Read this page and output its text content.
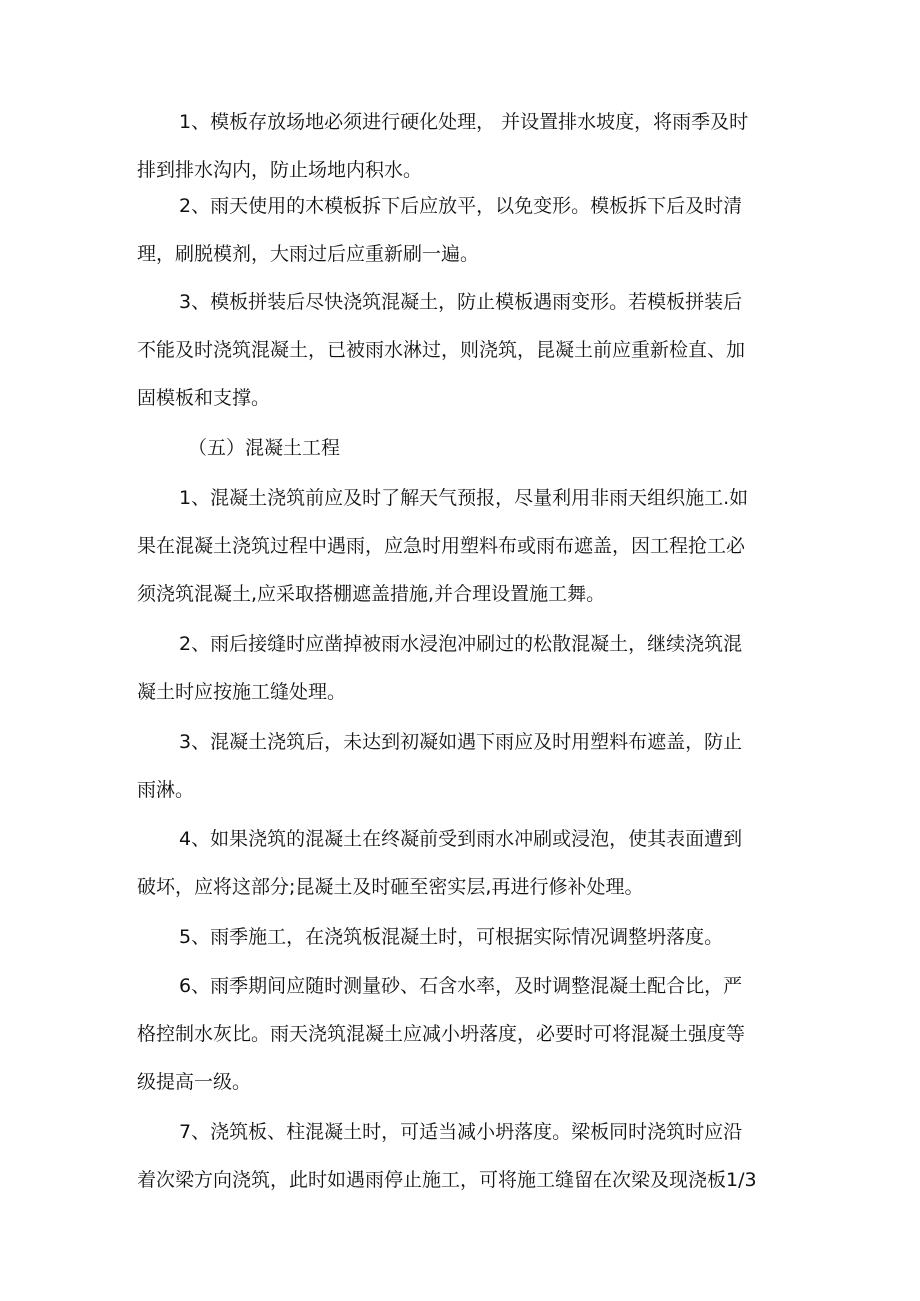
1、模板存放场地必须进行硬化处理， 并设置排水坡度，将雨季及时
排到排水沟内，防止场地内积水。
2、雨天使用的木模板拆下后应放平，以免变形。模板拆下后及时清
理，刷脱模剂，大雨过后应重新刷一遍。
3、模板拼装后尽快浇筑混凝土，防止模板遇雨变形。若模板拼装后
不能及时浇筑混凝土，已被雨水淋过，则浇筑，昆凝土前应重新检直、加
固模板和支撑。
（五）混凝土工程
1、混凝土浇筑前应及时了解天气预报，尽量利用非雨天组织施工.如
果在混凝土浇筑过程中遇雨，应急时用塑料布或雨布遮盖，因工程抢工必
须浇筑混凝土,应采取搭棚遮盖措施,并合理设置施工舞。
2、雨后接缝时应凿掉被雨水浸泡冲刷过的松散混凝土，继续浇筑混
凝土时应按施工缝处理。
3、混凝土浇筑后，未达到初凝如遇下雨应及时用塑料布遮盖，防止
雨淋。
4、如果浇筑的混凝土在终凝前受到雨水冲刷或浸泡，使其表面遭到
破坏，应将这部分;昆凝土及时砸至密实层,再进行修补处理。
5、雨季施工，在浇筑板混凝土时，可根据实际情况调整坍落度。
6、雨季期间应随时测量砂、石含水率，及时调整混凝土配合比，严
格控制水灰比。雨天浇筑混凝土应减小坍落度，必要时可将混凝土强度等
级提高一级。
7、浇筑板、柱混凝土时，可适当减小坍落度。梁板同时浇筑时应沿
着次梁方向浇筑，此时如遇雨停止施工，可将施工缝留在次梁及现浇板1/3
